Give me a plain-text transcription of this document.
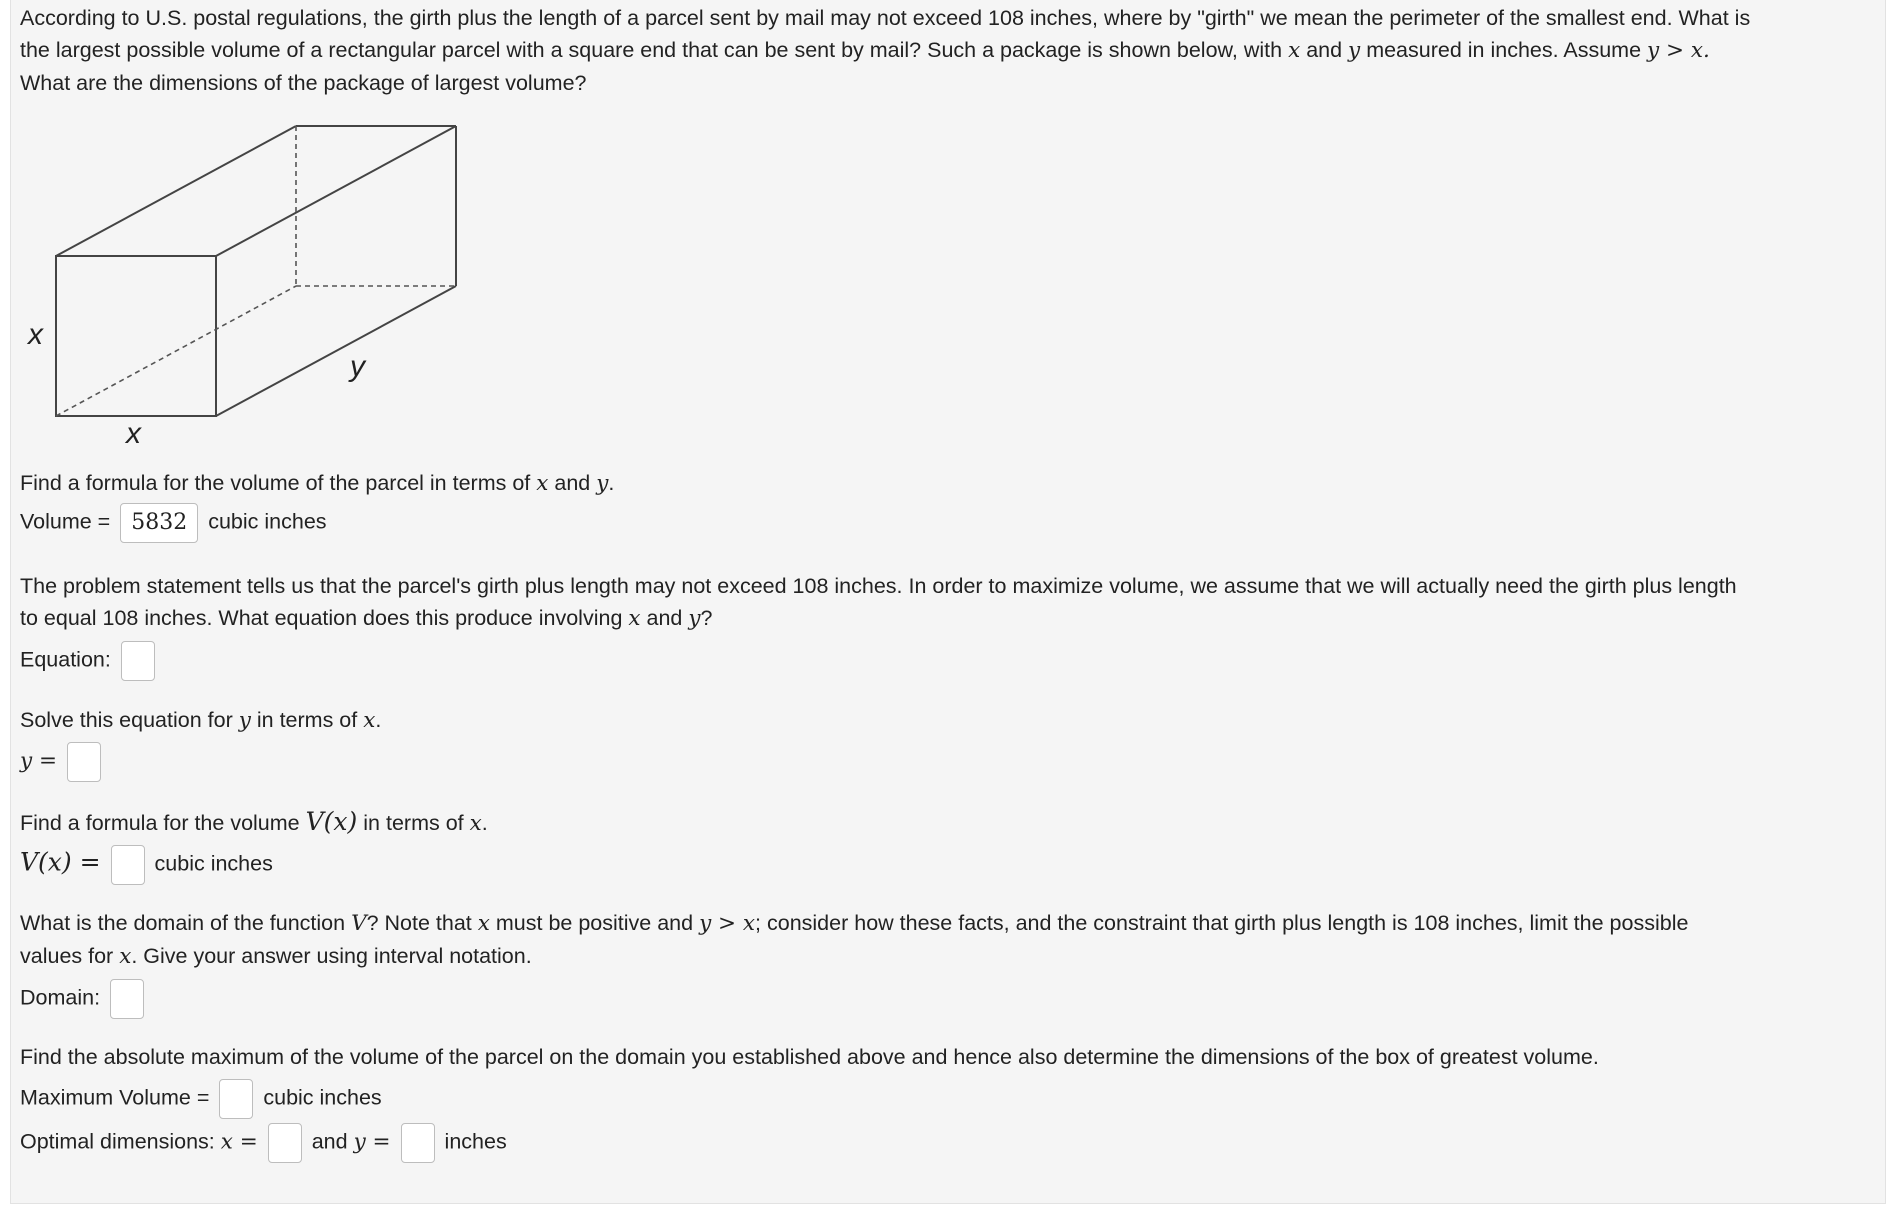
According to U.S. postal regulations, the girth plus the length of a parcel sent by mail may not exceed 108 inches, where by "girth" we mean the perimeter of the smallest end. What is
the largest possible volume of a rectangular parcel with a square end that can be sent by mail? Such a package is shown below, with x and y measured in inches. Assume y > x.
What are the dimensions of the package of largest volume?
x
x
y
Find a formula for the volume of the parcel in terms of x and y.
Volume = 5832 cubic inches
The problem statement tells us that the parcel's girth plus length may not exceed 108 inches. In order to maximize volume, we assume that we will actually need the girth plus length
to equal 108 inches. What equation does this produce involving x and y?
Equation:
Solve this equation for y in terms of x.
y =
Find a formula for the volume V(x) in terms of x.
V(x) =	cubic inches
What is the domain of the function V? Note that x must be positive and y > x; consider how these facts, and the constraint that girth plus length is 108 inches, limit the possible
values for x. Give your answer using interval notation.
Domain:
Find the absolute maximum of the volume of the parcel on the domain you established above and hence also determine the dimensions of the box of greatest volume.
Maximum Volume =	cubic inches
Optimal dimensions: x =	and y =	inches
